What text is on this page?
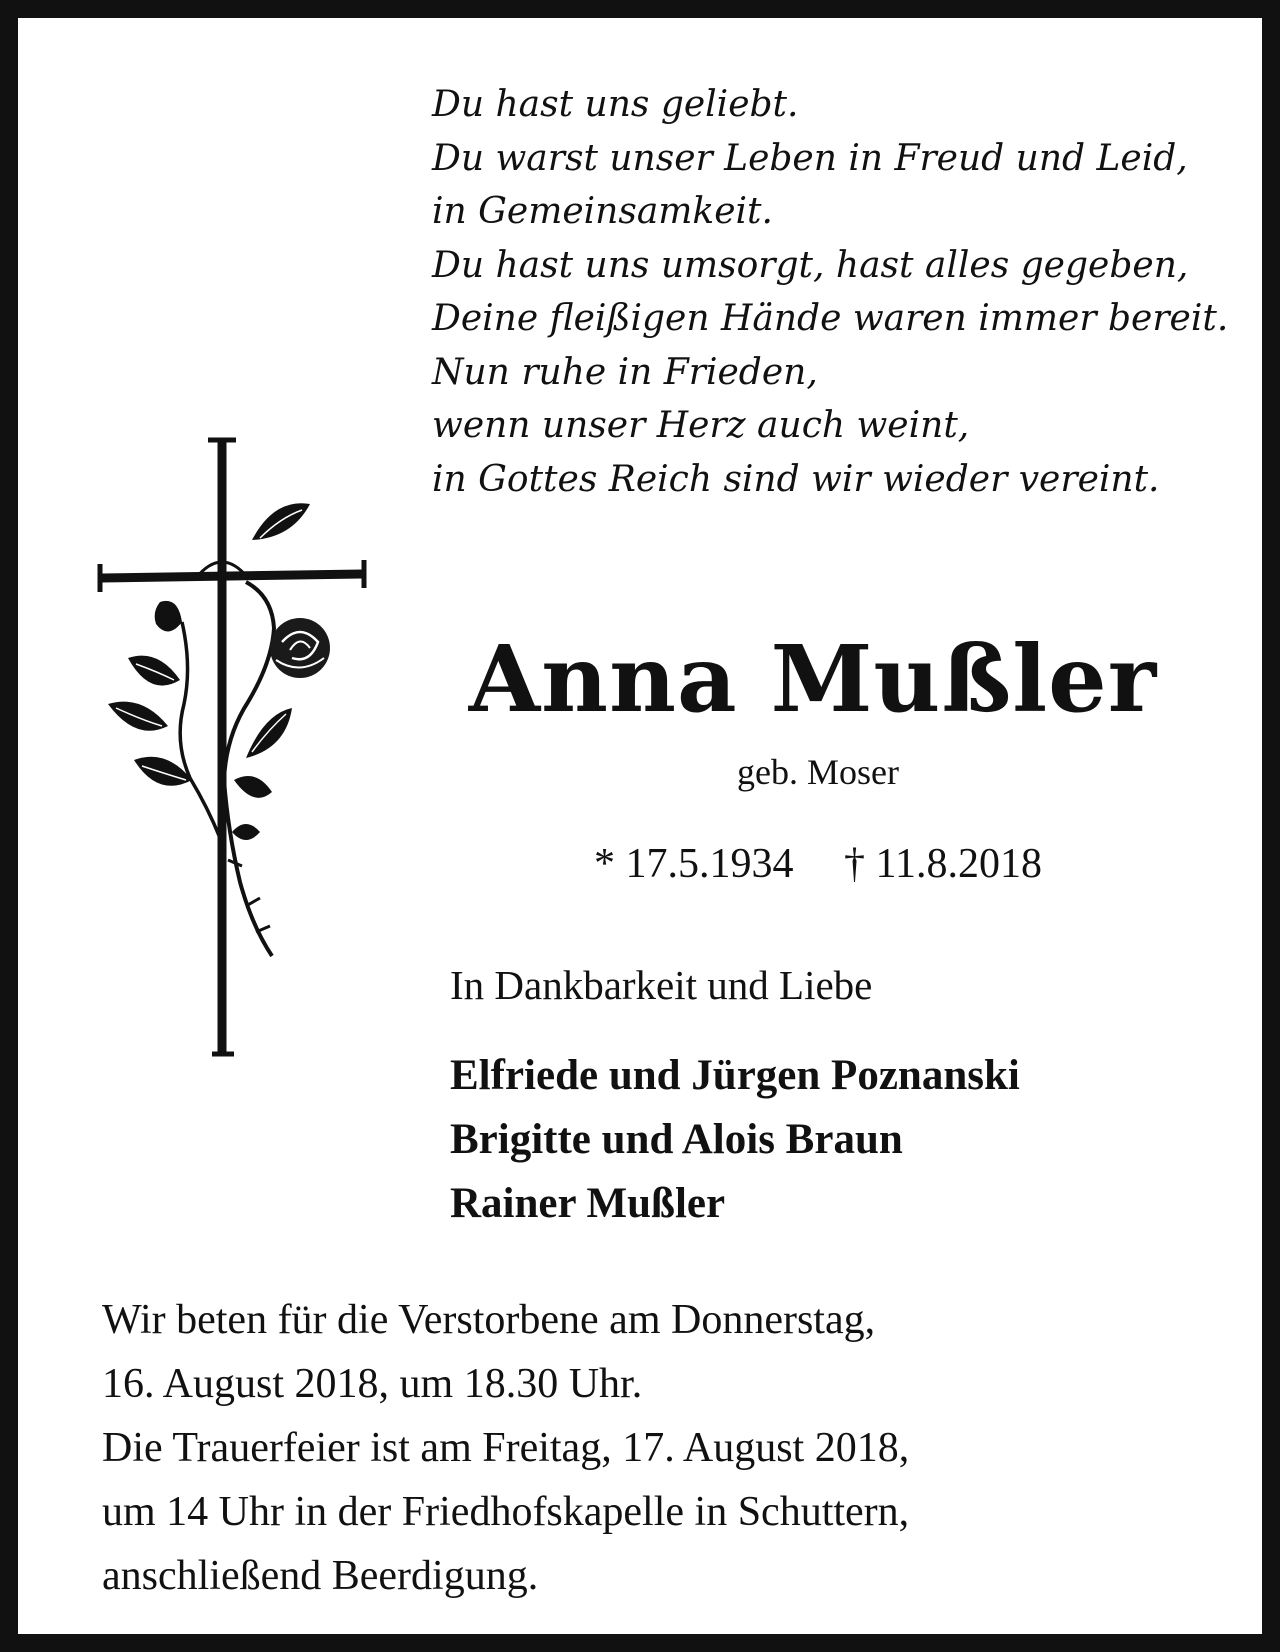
Du hast uns geliebt.
Du warst unser Leben in Freud und Leid,
in Gemeinsamkeit.
Du hast uns umsorgt, hast alles gegeben,
Deine fleißigen Hände waren immer bereit.
Nun ruhe in Frieden,
wenn unser Herz auch weint,
in Gottes Reich sind wir wieder vereint.
Anna Mußler
geb. Moser
* 17.5.1934 † 11.8.2018
In Dankbarkeit und Liebe
Elfriede und Jürgen Poznanski
Brigitte und Alois Braun
Rainer Mußler
Wir beten für die Verstorbene am Donnerstag,
16. August 2018, um 18.30 Uhr.
Die Trauerfeier ist am Freitag, 17. August 2018,
um 14 Uhr in der Friedhofskapelle in Schuttern,
anschließend Beerdigung.
